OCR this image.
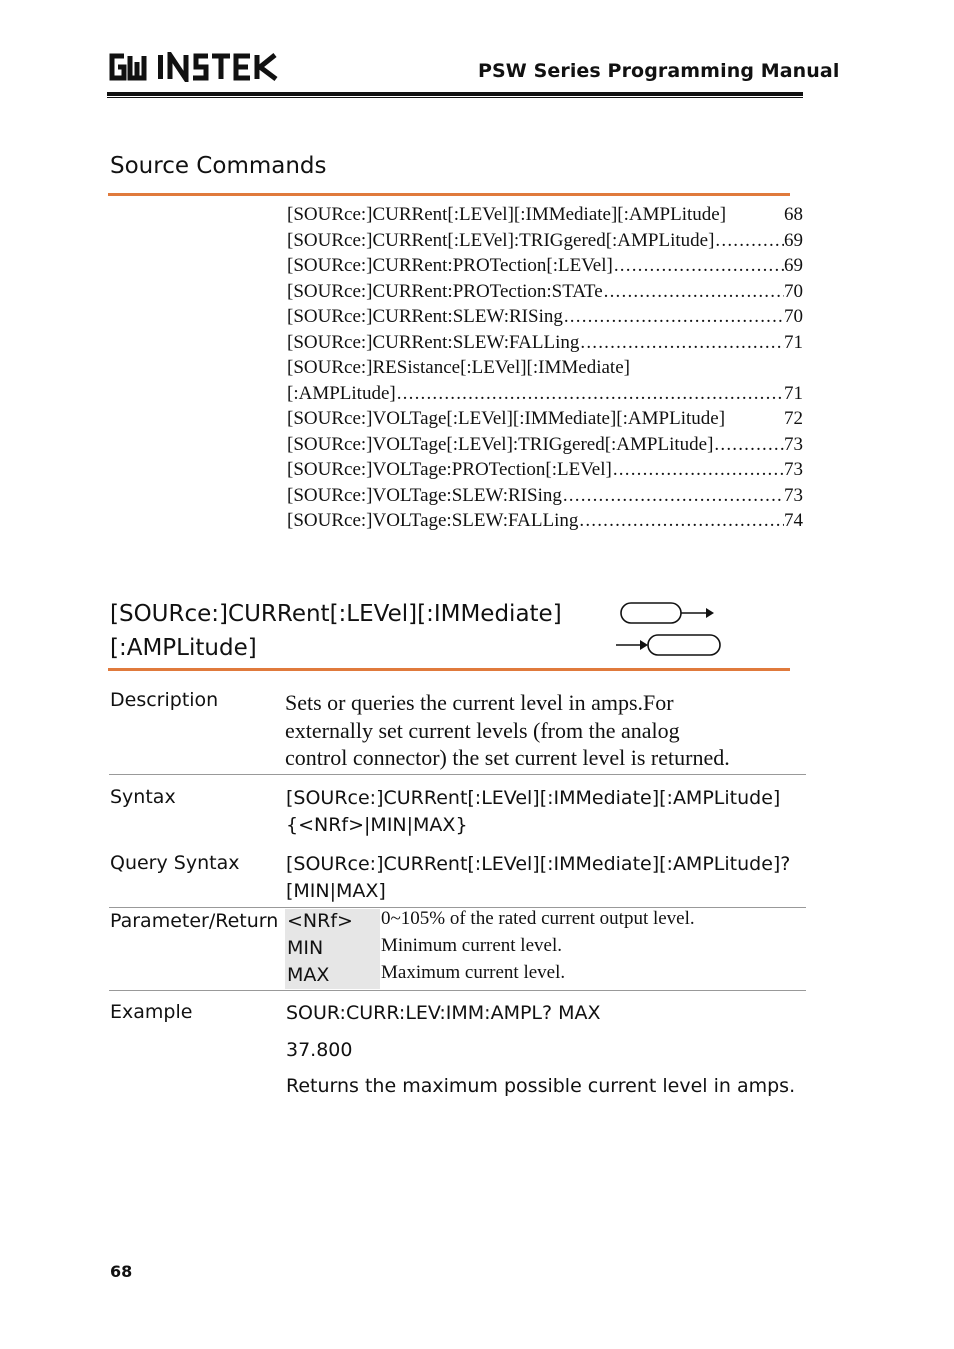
PSW Series Programming Manual
Source Commands
[SOURce:]CURRent[:LEVel][:IMMediate][:AMPLitude]	68
[SOURce:]CURRent[:LEVel]:TRIGgered[:AMPLitude] .....	69
[SOURce:]CURRent:PROTection[:LEVel] .....	69
[SOURce:]CURRent:PROTection:STATe .....	70
[SOURce:]CURRent:SLEW:RISing .....	70
[SOURce:]CURRent:SLEW:FALLing .....	71
[SOURce:]RESistance[:LEVel][:IMMediate]
[:AMPLitude] .....	71
[SOURce:]VOLTage[:LEVel][:IMMediate][:AMPLitude]	72
[SOURce:]VOLTage[:LEVel]:TRIGgered[:AMPLitude] .....	73
[SOURce:]VOLTage:PROTection[:LEVel] .....	73
[SOURce:]VOLTage:SLEW:RISing .....	73
[SOURce:]VOLTage:SLEW:FALLing .....	74
[SOURce:]CURRent[:LEVel][:IMMediate]
[:AMPLitude]
Description	Sets or queries the current level in amps.For
externally set current levels (from the analog
control connector) the set current level is returned.
Syntax	[SOURce:]CURRent[:LEVel][:IMMediate][:AMPLitude]
{<NRf>|MIN|MAX}
Query Syntax [SOURce:]CURRent[:LEVel][:IMMediate][:AMPLitude]?
[MIN|MAX]
Parameter/Return <NRf> 0~105% of the rated current output level.
MIN	Minimum current level.
MAX	Maximum current level.
Example	SOUR:CURR:LEV:IMM:AMPL? MAX
37.800
Returns the maximum possible current level in amps.
68
